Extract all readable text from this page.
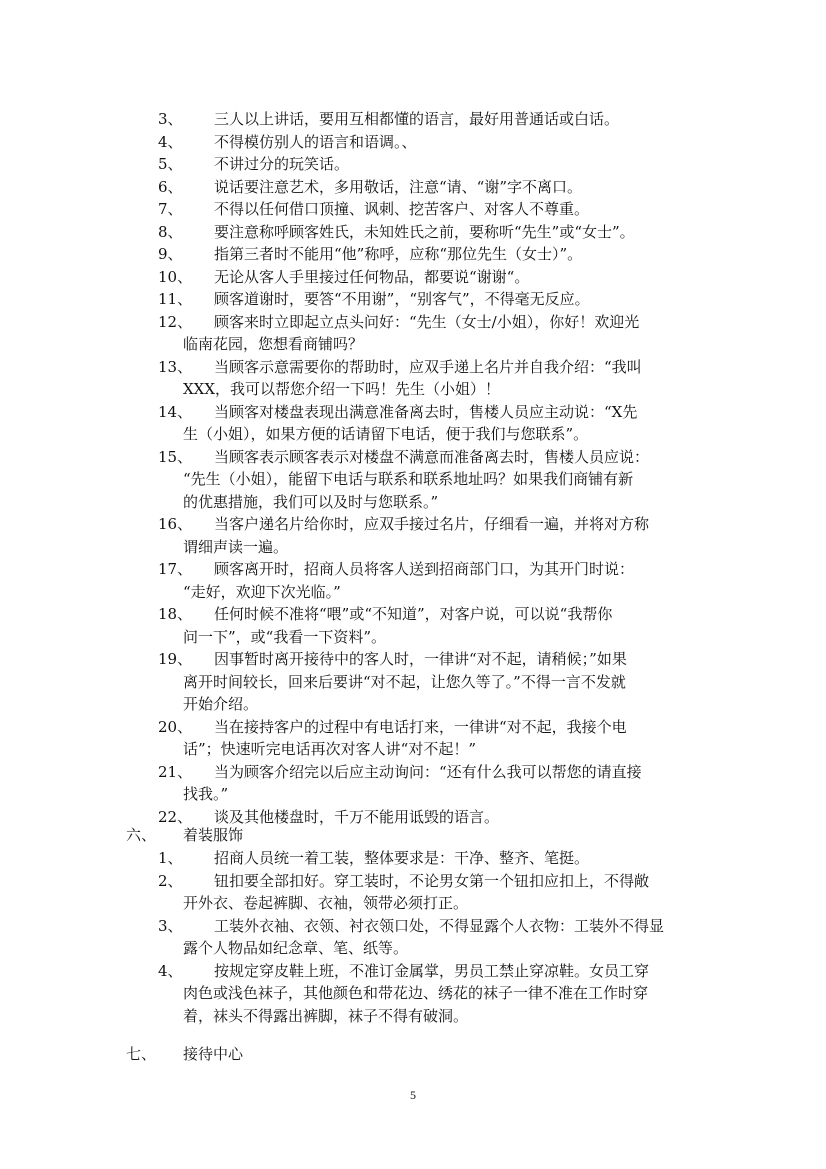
3、 三人以上讲话，要用互相都懂的语言，最好用普通话或白话。
4、 不得模仿别人的语言和语调。、
5、 不讲过分的玩笑话。
6、 说话要注意艺术，多用敬话，注意“请、“谢”字不离口。
7、 不得以任何借口顶撞、讽刺、挖苦客户、对客人不尊重。
8、 要注意称呼顾客姓氏，未知姓氏之前，要称听“先生”或“女士”。
9、 指第三者时不能用“他”称呼，应称“那位先生（女士）”。
10、 无论从客人手里接过任何物品，都要说“谢谢“。
11、 顾客道谢时，要答“不用谢”，“别客气”，不得毫无反应。
12、 顾客来时立即起立点头问好：“先生（女士/小姐），你好！欢迎光
临南花园，您想看商铺吗？
13、 当顾客示意需要你的帮助时，应双手递上名片并自我介绍：“我叫
XXX，我可以帮您介绍一下吗！先生（小姐）！
14、 当顾客对楼盘表现出满意准备离去时，售楼人员应主动说：“X先
生（小姐），如果方便的话请留下电话，便于我们与您联系”。
15、 当顾客表示顾客表示对楼盘不满意而准备离去时，售楼人员应说：
“先生（小姐），能留下电话与联系和联系地址吗？如果我们商铺有新
的优惠措施，我们可以及时与您联系。”
16、 当客户递名片给你时，应双手接过名片，仔细看一遍，并将对方称
谓细声读一遍。
17、 顾客离开时，招商人员将客人送到招商部门口，为其开门时说：
“走好，欢迎下次光临。”
18、 任何时候不准将“喂”或“不知道”，对客户说，可以说“我帮你
问一下”，或“我看一下资料”。
19、 因事暂时离开接待中的客人时，一律讲“对不起，请稍候；”如果
离开时间较长，回来后要讲“对不起，让您久等了。”不得一言不发就
开始介绍。
20、 当在接持客户的过程中有电话打来，一律讲“对不起，我接个电
话”；快速听完电话再次对客人讲“对不起！”
21、 当为顾客介绍完以后应主动询问：“还有什么我可以帮您的请直接
找我。”
22、 谈及其他楼盘时，千万不能用诋毁的语言。
六、 着装服饰
1、 招商人员统一着工装，整体要求是：干净、整齐、笔挺。
2、 钮扣要全部扣好。穿工装时，不论男女第一个钮扣应扣上，不得敞
开外衣、卷起裤脚、衣袖，领带必须打正。
3、 工装外衣袖、衣领、衬衣领口处，不得显露个人衣物：工装外不得显
露个人物品如纪念章、笔、纸等。
4、 按规定穿皮鞋上班，不准订金属掌，男员工禁止穿凉鞋。女员工穿
肉色或浅色袜子，其他颜色和带花边、绣花的袜子一律不准在工作时穿
着，袜头不得露出裤脚，袜子不得有破洞。
七、 接待中心
5
